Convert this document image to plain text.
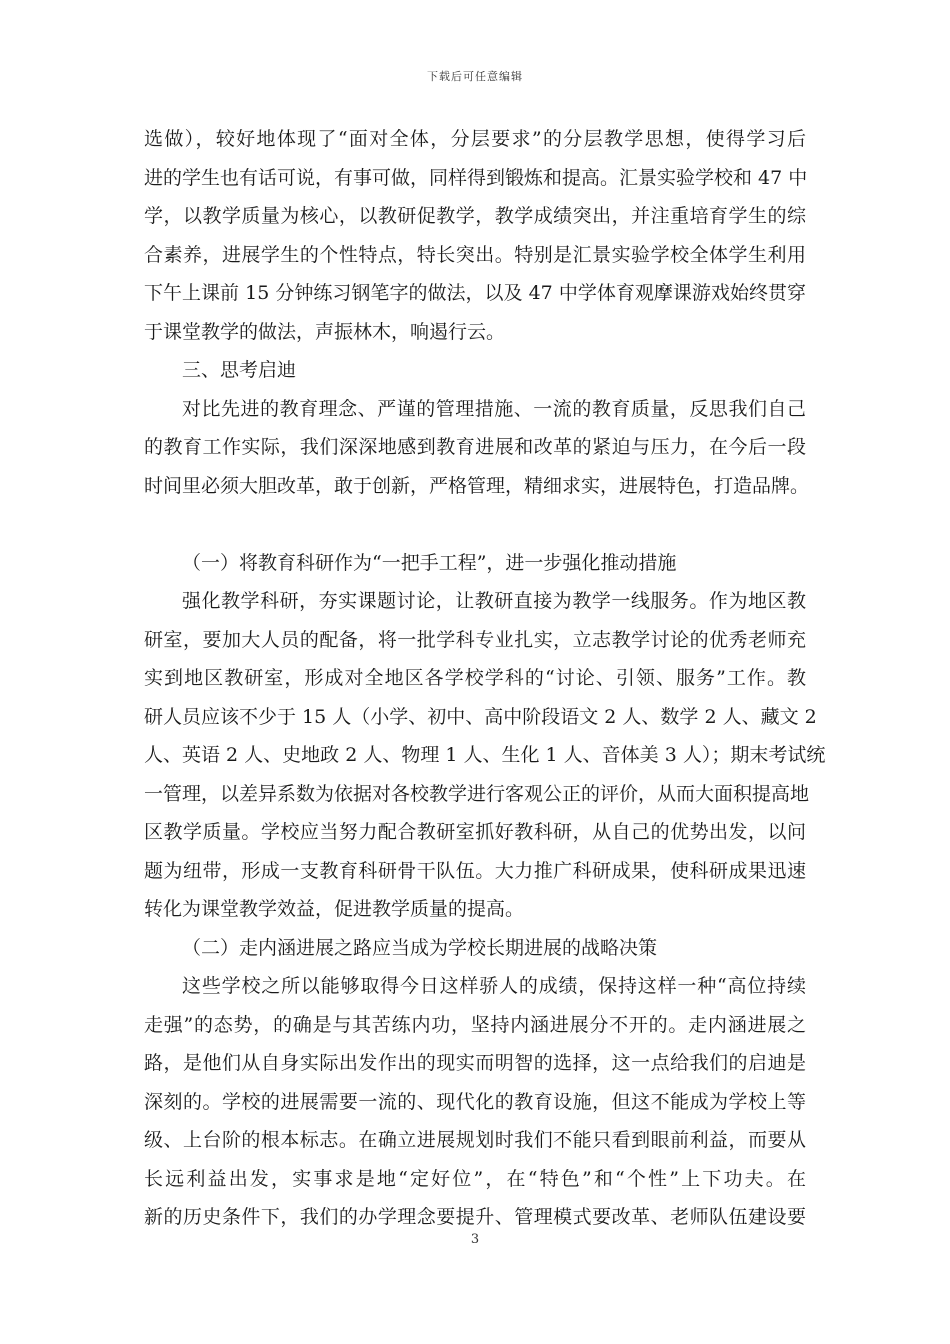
下载后可任意编辑
选做），较好地体现了“面对全体，分层要求”的分层教学思想，使得学习后
进的学生也有话可说，有事可做，同样得到锻炼和提高。汇景实验学校和 47 中
学，以教学质量为核心，以教研促教学，教学成绩突出，并注重培育学生的综
合素养，进展学生的个性特点，特长突出。特别是汇景实验学校全体学生利用
下午上课前 15 分钟练习钢笔字的做法，以及 47 中学体育观摩课游戏始终贯穿
于课堂教学的做法，声振林木，响遏行云。
三、思考启迪
对比先进的教育理念、严谨的管理措施、一流的教育质量，反思我们自己
的教育工作实际，我们深深地感到教育进展和改革的紧迫与压力，在今后一段
时间里必须大胆改革，敢于创新，严格管理，精细求实，进展特色，打造品牌。
（一）将教育科研作为“一把手工程”，进一步强化推动措施
强化教学科研，夯实课题讨论，让教研直接为教学一线服务。作为地区教
研室，要加大人员的配备，将一批学科专业扎实，立志教学讨论的优秀老师充
实到地区教研室，形成对全地区各学校学科的“讨论、引领、服务”工作。教
研人员应该不少于 15 人（小学、初中、高中阶段语文 2 人、数学 2 人、藏文 2
人、英语 2 人、史地政 2 人、物理 1 人、生化 1 人、音体美 3 人）；期末考试统
一管理，以差异系数为依据对各校教学进行客观公正的评价，从而大面积提高地
区教学质量。学校应当努力配合教研室抓好教科研，从自己的优势出发，以问
题为纽带，形成一支教育科研骨干队伍。大力推广科研成果，使科研成果迅速
转化为课堂教学效益，促进教学质量的提高。
（二）走内涵进展之路应当成为学校长期进展的战略决策
这些学校之所以能够取得今日这样骄人的成绩，保持这样一种“高位持续
走强”的态势，的确是与其苦练内功，坚持内涵进展分不开的。走内涵进展之
路，是他们从自身实际出发作出的现实而明智的选择，这一点给我们的启迪是
深刻的。学校的进展需要一流的、现代化的教育设施，但这不能成为学校上等
级、上台阶的根本标志。在确立进展规划时我们不能只看到眼前利益，而要从
长远利益出发，实事求是地“定好位”，在“特色”和“个性”上下功夫。在
新的历史条件下，我们的办学理念要提升、管理模式要改革、老师队伍建设要
3
